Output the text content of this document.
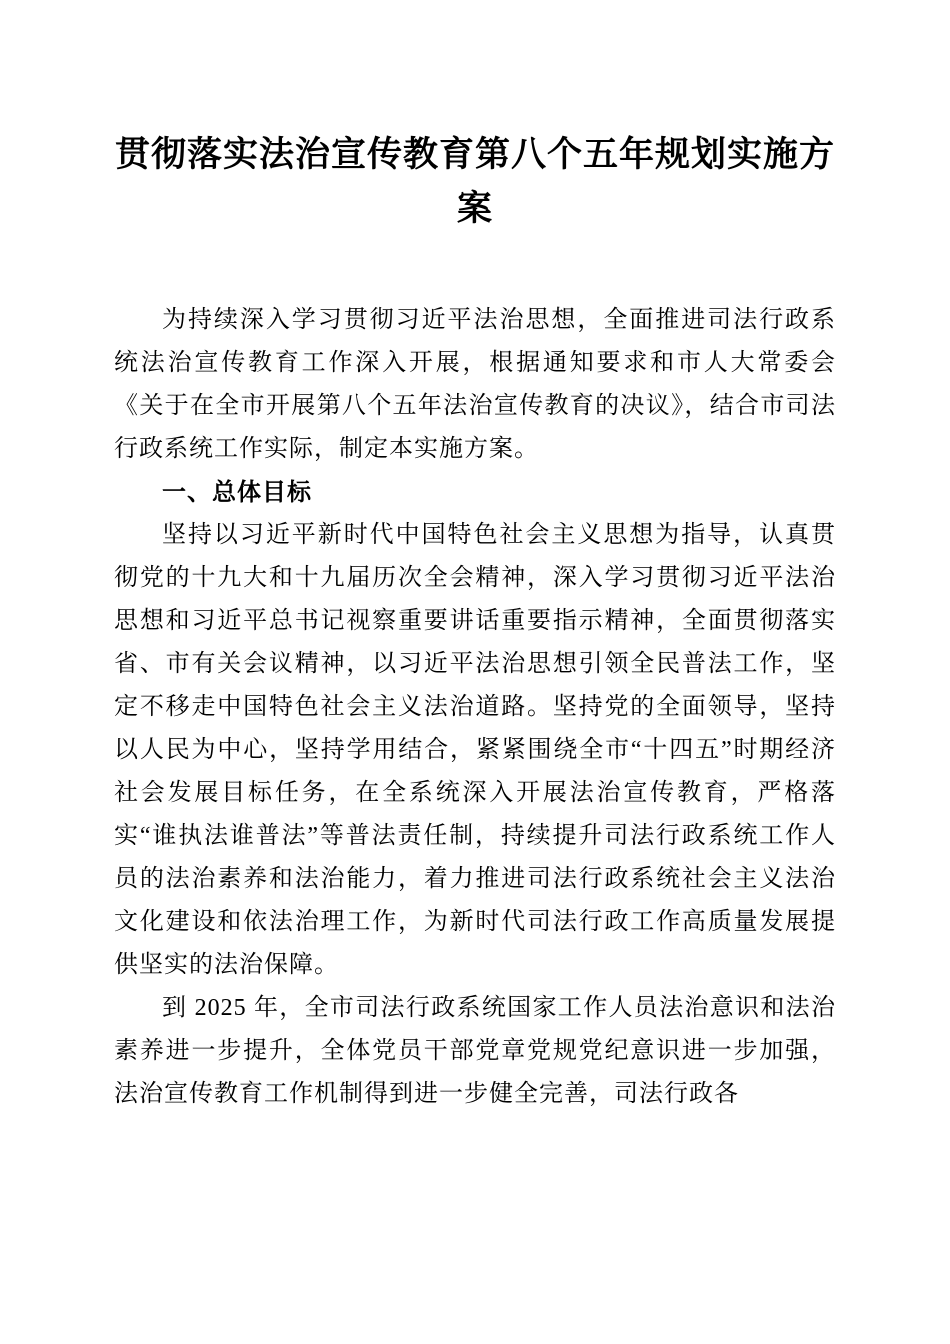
贯彻落实法治宣传教育第八个五年规划实施方案

为持续深入学习贯彻习近平法治思想，全面推进司法行政系统法治宣传教育工作深入开展，根据通知要求和市人大常委会《关于在全市开展第八个五年法治宣传教育的决议》，结合市司法行政系统工作实际，制定本实施方案。

一、总体目标

坚持以习近平新时代中国特色社会主义思想为指导，认真贯彻党的十九大和十九届历次全会精神，深入学习贯彻习近平法治思想和习近平总书记视察重要讲话重要指示精神，全面贯彻落实省、市有关会议精神，以习近平法治思想引领全民普法工作，坚定不移走中国特色社会主义法治道路。坚持党的全面领导，坚持以人民为中心，坚持学用结合，紧紧围绕全市“十四五”时期经济社会发展目标任务，在全系统深入开展法治宣传教育，严格落实“谁执法谁普法”等普法责任制，持续提升司法行政系统工作人员的法治素养和法治能力，着力推进司法行政系统社会主义法治文化建设和依法治理工作，为新时代司法行政工作高质量发展提供坚实的法治保障。

到 2025 年，全市司法行政系统国家工作人员法治意识和法治素养进一步提升，全体党员干部党章党规党纪意识进一步加强，法治宣传教育工作机制得到进一步健全完善，司法行政各
